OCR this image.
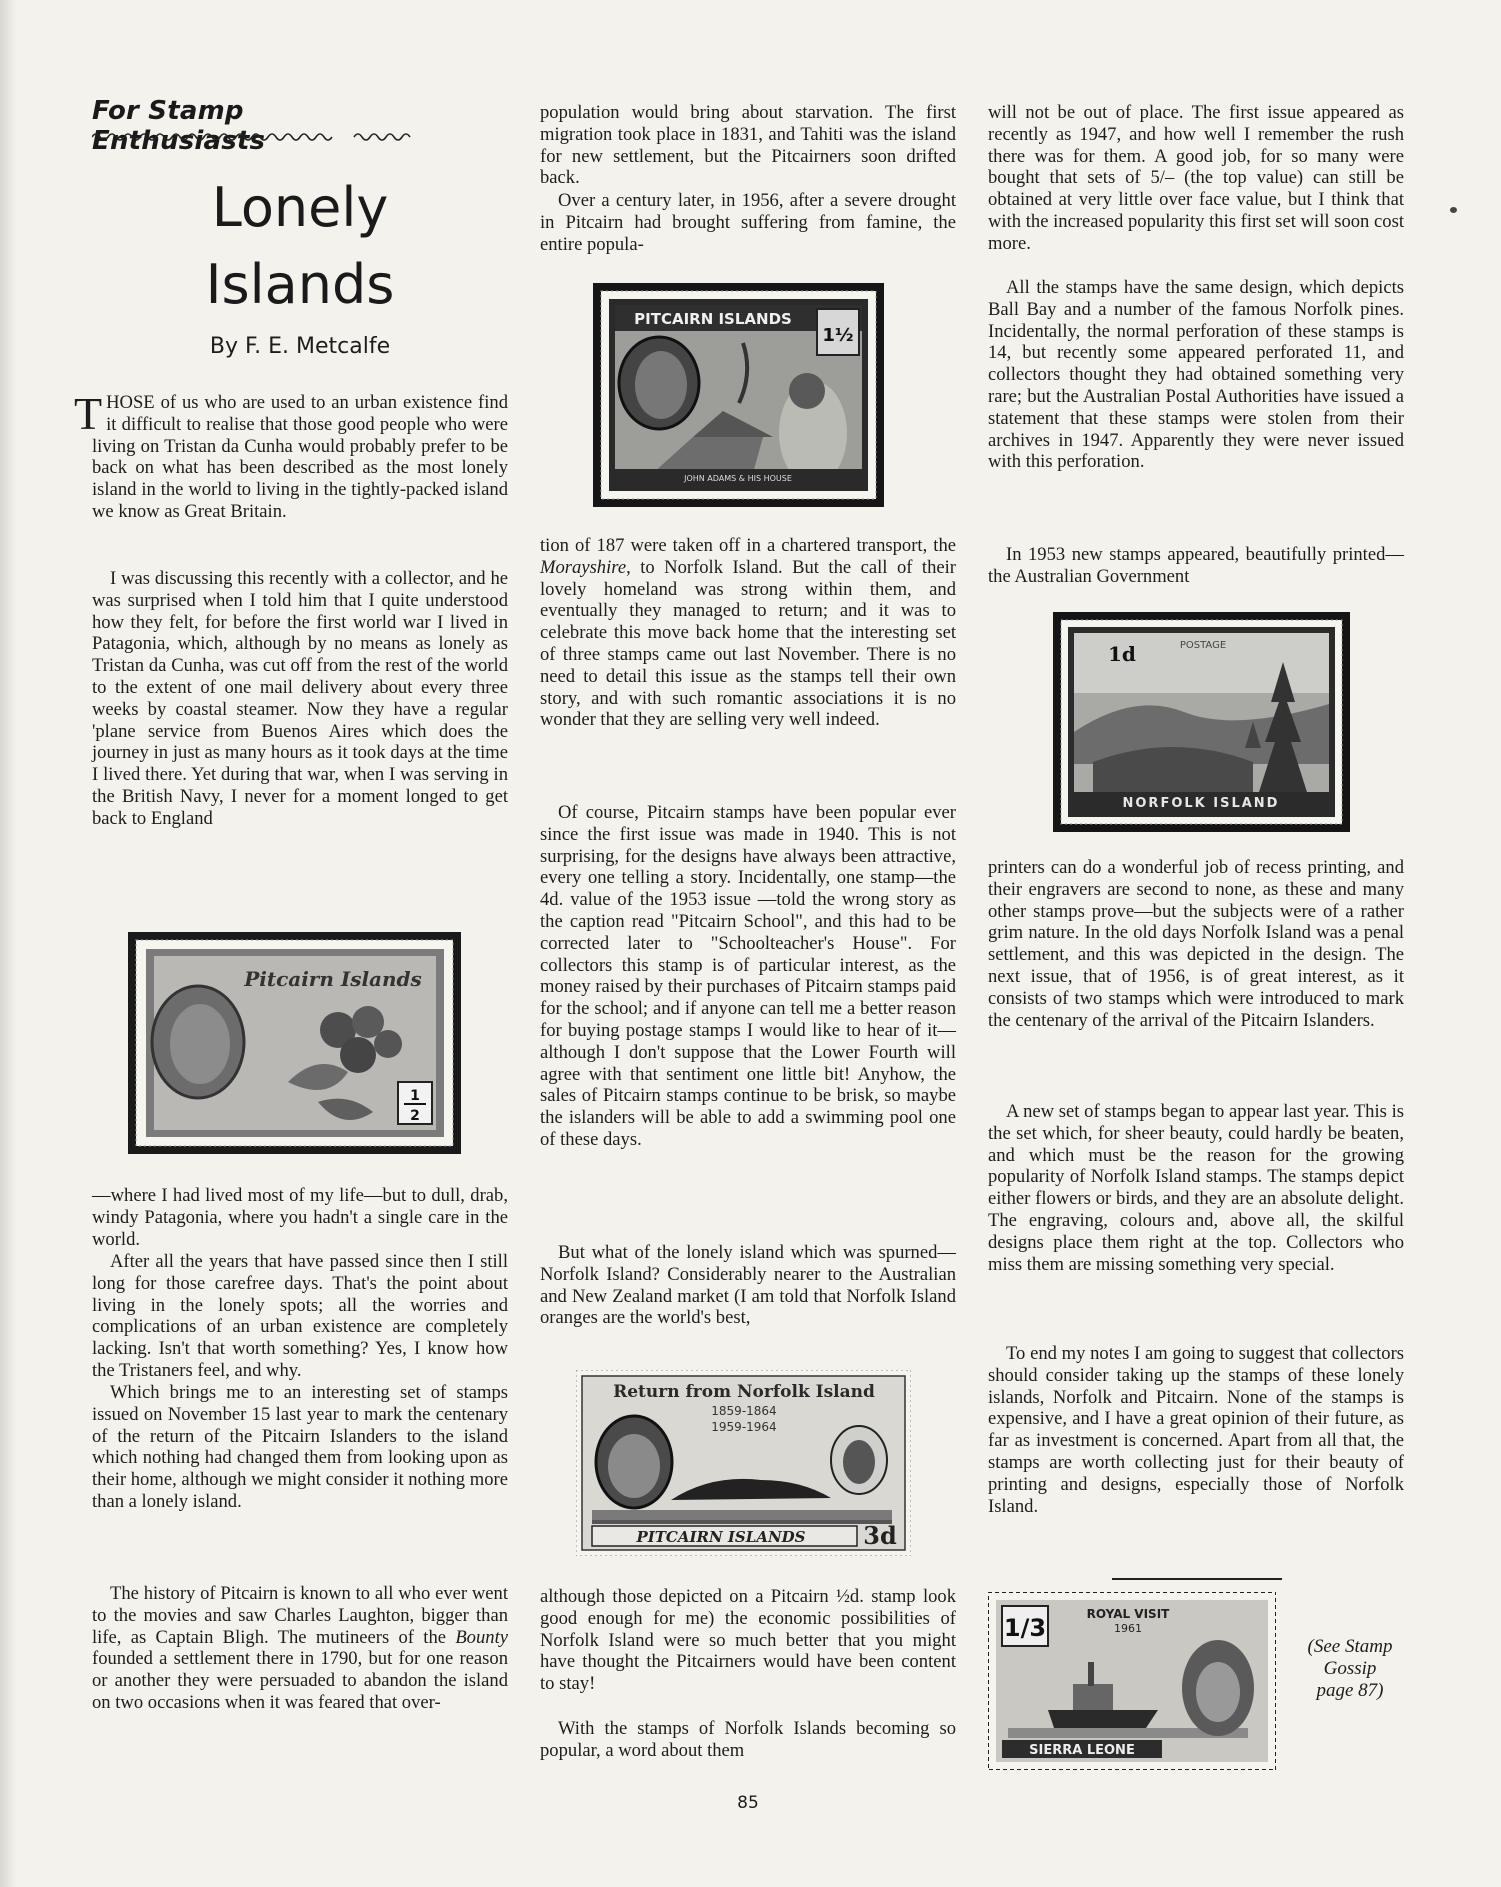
For Stamp Enthusiasts

Lonely
Islands

By F. E. Metcalfe

THOSE of us who are used to an urban existence find it difficult to realise that those good people who were living on Tristan da Cunha would probably prefer to be back on what has been described as the most lonely island in the world to living in the tightly-packed island we know as Great Britain.

I was discussing this recently with a collector, and he was surprised when I told him that I quite understood how they felt, for before the first world war I lived in Patagonia, which, although by no means as lonely as Tristan da Cunha, was cut off from the rest of the world to the extent of one mail delivery about every three weeks by coastal steamer. Now they have a regular 'plane service from Buenos Aires which does the journey in just as many hours as it took days at the time I lived there. Yet during that war, when I was serving in the British Navy, I never for a moment longed to get back to England

1
2
Pitcairn Islands

—where I had lived most of my life—but to dull, drab, windy Patagonia, where you hadn't a single care in the world.

After all the years that have passed since then I still long for those carefree days. That's the point about living in the lonely spots; all the worries and complications of an urban existence are completely lacking. Isn't that worth something? Yes, I know how the Tristaners feel, and why.

Which brings me to an interesting set of stamps issued on November 15 last year to mark the centenary of the return of the Pitcairn Islanders to the island which nothing had changed them from looking upon as their home, although we might consider it nothing more than a lonely island.

The history of Pitcairn is known to all who ever went to the movies and saw Charles Laughton, bigger than life, as Captain Bligh. The mutineers of the Bounty founded a settlement there in 1790, but for one reason or another they were persuaded to abandon the island on two occasions when it was feared that over-

population would bring about starvation. The first migration took place in 1831, and Tahiti was the island for new settlement, but the Pitcairners soon drifted back.

Over a century later, in 1956, after a severe drought in Pitcairn had brought suffering from famine, the entire popula-

PITCAIRN ISLANDS
1½
JOHN ADAMS & HIS HOUSE

tion of 187 were taken off in a chartered transport, the Morayshire, to Norfolk Island. But the call of their lovely homeland was strong within them, and eventually they managed to return; and it was to celebrate this move back home that the interesting set of three stamps came out last November. There is no need to detail this issue as the stamps tell their own story, and with such romantic associations it is no wonder that they are selling very well indeed.

Of course, Pitcairn stamps have been popular ever since the first issue was made in 1940. This is not surprising, for the designs have always been attractive, every one telling a story. Incidentally, one stamp—the 4d. value of the 1953 issue —told the wrong story as the caption read "Pitcairn School", and this had to be corrected later to "Schoolteacher's House". For collectors this stamp is of particular interest, as the money raised by their purchases of Pitcairn stamps paid for the school; and if anyone can tell me a better reason for buying postage stamps I would like to hear of it—although I don't suppose that the Lower Fourth will agree with that sentiment one little bit! Anyhow, the sales of Pitcairn stamps continue to be brisk, so maybe the islanders will be able to add a swimming pool one of these days.

But what of the lonely island which was spurned—Norfolk Island? Considerably nearer to the Australian and New Zealand market (I am told that Norfolk Island oranges are the world's best,

Return from Norfolk Island
1859-1864
1959-1964
PITCAIRN ISLANDS 3d

although those depicted on a Pitcairn ½d. stamp look good enough for me) the economic possibilities of Norfolk Island were so much better that you might have thought the Pitcairners would have been content to stay!

With the stamps of Norfolk Islands becoming so popular, a word about them

will not be out of place. The first issue appeared as recently as 1947, and how well I remember the rush there was for them. A good job, for so many were bought that sets of 5/– (the top value) can still be obtained at very little over face value, but I think that with the increased popularity this first set will soon cost more.

All the stamps have the same design, which depicts Ball Bay and a number of the famous Norfolk pines. Incidentally, the normal perforation of these stamps is 14, but recently some appeared perforated 11, and collectors thought they had obtained something very rare; but the Australian Postal Authorities have issued a statement that these stamps were stolen from their archives in 1947. Apparently they were never issued with this perforation.

In 1953 new stamps appeared, beautifully printed—the Australian Government

1d	POSTAGE
NORFOLK ISLAND

printers can do a wonderful job of recess printing, and their engravers are second to none, as these and many other stamps prove—but the subjects were of a rather grim nature. In the old days Norfolk Island was a penal settlement, and this was depicted in the design. The next issue, that of 1956, is of great interest, as it consists of two stamps which were introduced to mark the centenary of the arrival of the Pitcairn Islanders.

A new set of stamps began to appear last year. This is the set which, for sheer beauty, could hardly be beaten, and which must be the reason for the growing popularity of Norfolk Island stamps. The stamps depict either flowers or birds, and they are an absolute delight. The engraving, colours and, above all, the skilful designs place them right at the top. Collectors who miss them are missing something very special.

To end my notes I am going to suggest that collectors should consider taking up the stamps of these lonely islands, Norfolk and Pitcairn. None of the stamps is expensive, and I have a great opinion of their future, as far as investment is concerned. Apart from all that, the stamps are worth collecting just for their beauty of printing and designs, especially those of Norfolk Island.

1/3	ROYAL VISIT
1961
SIERRA LEONE

(See Stamp Gossip page 87)

85
